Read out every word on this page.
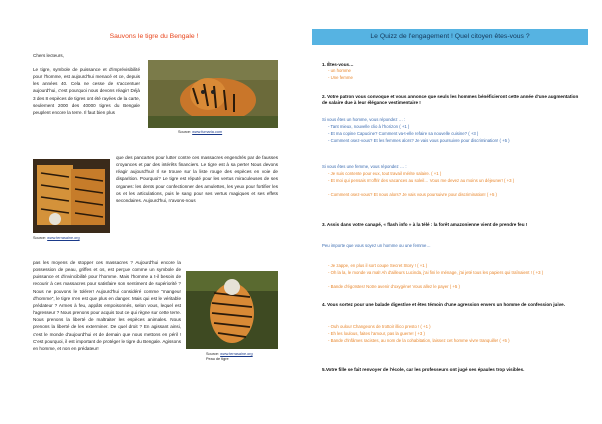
Sauvons le tigre du Bengale !

Chers lecteurs,

Le tigre, symbole de puissance et d'imprévisibilité pour l'homme, est aujourd'hui menacé et ce, depuis les années 40. Cela ne cesse de s'accentuer aujourd'hui, c'est pourquoi nous devons réagir! Déjà 3 des 8 espèces de tigres ont été rayées de la carte, seulement 2000 des 40000 tigres du Bengale peuplent encore la terre. Il faut bien plus

Source: www.fumaria.com
Source: www.terrasaine.org

que des pancartes pour lutter contre ces massacres engendrés par de fausses croyances et par des intérêts financiers. Le tigre est à sa perte! Nous devons réagir aujourd'hui! Il se trouve sur la liste rouge des espèces en voie de disparition. Pourquoi? Le tigre est réputé pour les vertus miraculeuses de ses organes: les dents pour confectionner des amulettes, les yeux pour fortifier les os et les articulations, puis le sang pour ses vertus magiques et ses effets secondaires. Aujourd'hui, n'avons-nous

pas les moyens de stopper ces massacres ? Aujourd'hui encore la possession de peau, griffes et os, est perçue comme un symbole de puissance et d'invincibilité pour l'homme. Mais l'homme a t-il besoin de recourir à ces massacres pour satisfaire son sentiment de supériorité ? Nous ne pouvons le tolérer! Aujourd'hui considéré comme "mangeur d'homme", le tigre n'en est que plus en danger. Mais qui est le véritable prédateur ? Armes à feu, appâts empoisonnés, selon vous, lequel est l'agresseur ? Nous prenons pour acquis tout ce qui règne sur cette terre. Nous prenons la liberté de maltraiter les espèces animales. Nous prenons la liberté de les exterminer. De quel droit ? En agissant ainsi, c'est le monde d'aujourd'hui et de demain que nous mettons en péril ! C'est pourquoi, il est important de protéger le tigre du Bengale. Agissons en homme, et non en prédateur!

Source: www.terrasaine.org
Peau de tigre
Le Quizz de l'engagement ! Quel citoyen êtes-vous ?

1. Êtes-vous…

- un homme

- Une femme

2. Votre patron vous convoque et vous annonce que seuls les hommes bénéficieront cette année d'une augmentation de salaire due à leur élégance vestimentaire !

Si vous êtes un homme, vous répondez … :

- Tant mieux, nouvelle clio à l'horizon ( +1 )

- Et ma copine Capucine? Comment va-t-elle refaire sa nouvelle cuisine? ( +3 )

- Comment osez-vous? Et les femmes alors? Je vais vous poursuivre pour discrimination! ( +5 )

Si vous êtes une femme, vous répondez … :

- Je suis contente pour eux, tout travail mérite salaire. ( +1 )

- Et moi qui pensais m'offrir des vacances au soleil… Vous me devez au moins un déjeuner! ( +3 )

- Comment osez-vous? Et nous alors? Je vais vous poursuivre pour discrimination! ( +5 )

3. Assis dans votre canapé, « flash info » à la télé : la forêt amazonienne vient de prendre feu !

Peu importe que vous soyez un homme ou une femme…

- Je zappe, en plus il sort coupe Secret Story ! ( +1 )

- Oh la la, le monde va mal! Ah d'ailleurs Lucinda, j'ai fini le ménage, j'ai jeté tous les papiers qui traînaient ! ( +3 )

- Bande d'égoïstes! Notre avenir d'oxygène! Vous allez le payer ( +5 )

4. Vous sortez pour une balade digestive et êtes témoin d'une agression envers un homme de confession juive.

- Ouh oulou! Changeons de trottoir illico presto ! ( +1 )

- Eh les loulous, faites l'amour, pas la guerre! ( +3 )

- Bande d'infâmes racistes, au nom de la cohabitation, laissez cet homme vivre tranquille! ( +5 )

5.Votre fille se fait renvoyer de l'école, car les professeurs ont jugé ses épaules trop visibles.
